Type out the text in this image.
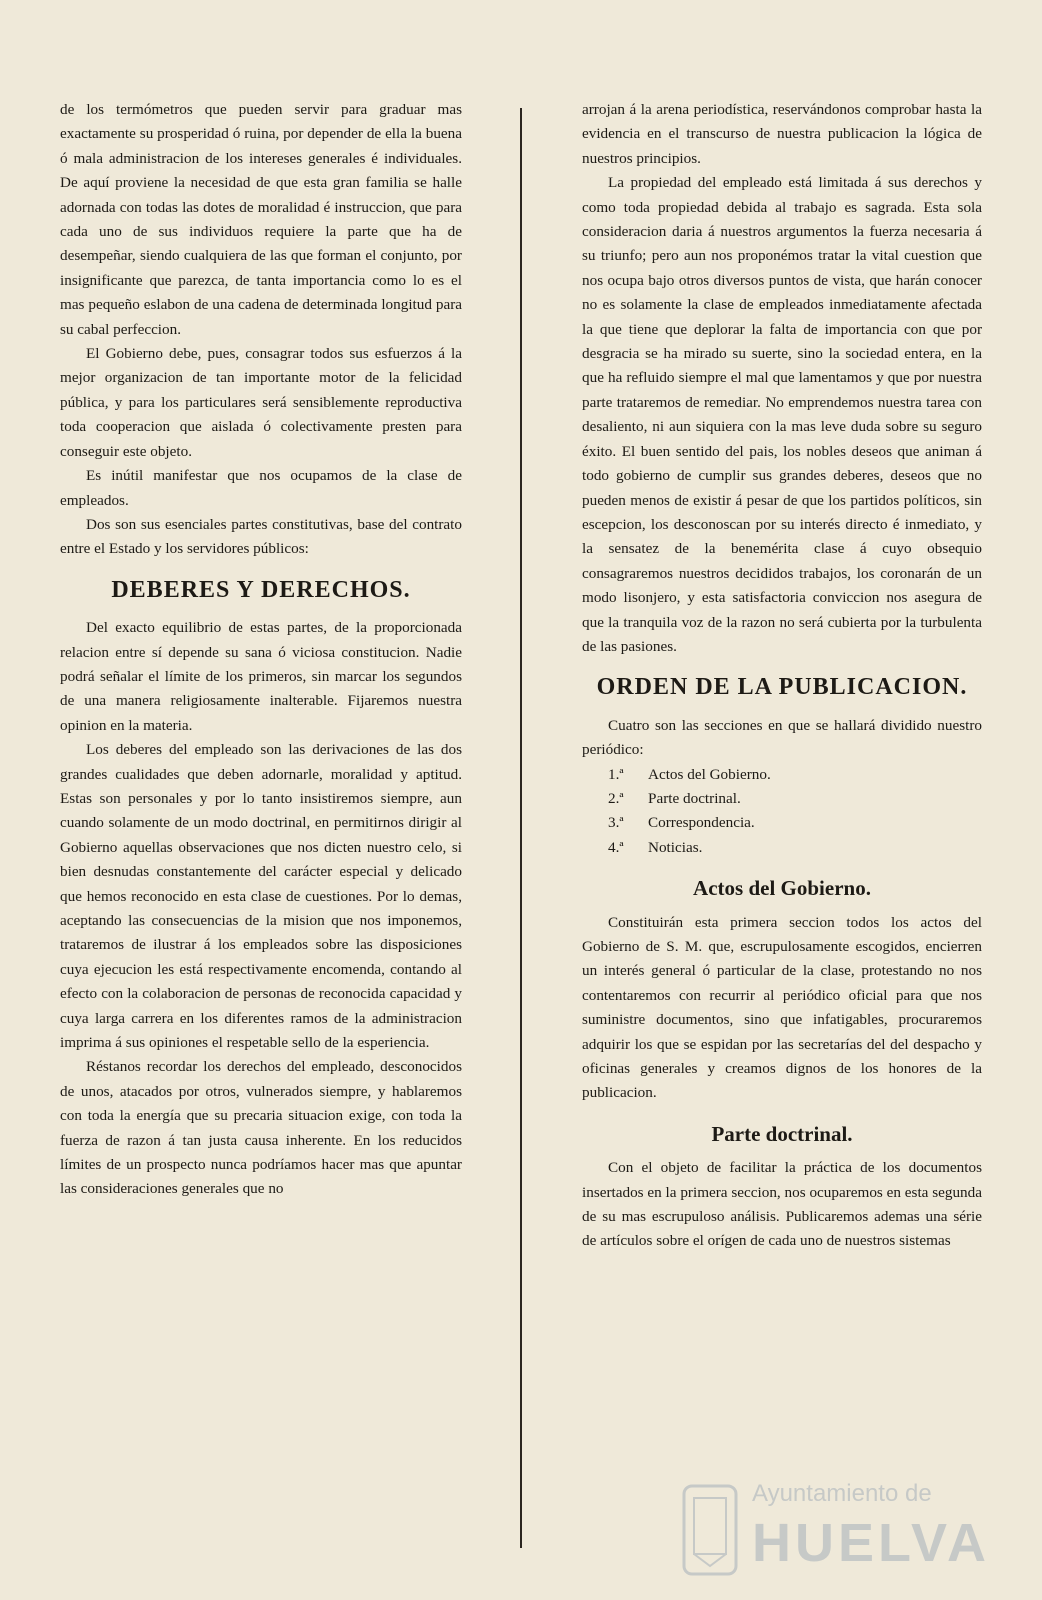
de los termómetros que pueden servir para graduar mas exactamente su prosperidad ó ruina, por depender de ella la buena ó mala administracion de los intereses generales é individuales. De aquí proviene la necesidad de que esta gran familia se halle adornada con todas las dotes de moralidad é instruccion, que para cada uno de sus individuos requiere la parte que ha de desempeñar, siendo cualquiera de las que forman el conjunto, por insignificante que parezca, de tanta importancia como lo es el mas pequeño eslabon de una cadena de determinada longitud para su cabal perfeccion.

El Gobierno debe, pues, consagrar todos sus esfuerzos á la mejor organizacion de tan importante motor de la felicidad pública, y para los particulares será sensiblemente reproductiva toda cooperacion que aislada ó colectivamente presten para conseguir este objeto.

Es inútil manifestar que nos ocupamos de la clase de empleados.

Dos son sus esenciales partes constitutivas, base del contrato entre el Estado y los servidores públicos:

DEBERES Y DERECHOS.

Del exacto equilibrio de estas partes, de la proporcionada relacion entre sí depende su sana ó viciosa constitucion. Nadie podrá señalar el límite de los primeros, sin marcar los segundos de una manera religiosamente inalterable. Fijaremos nuestra opinion en la materia.

Los deberes del empleado son las derivaciones de las dos grandes cualidades que deben adornarle, moralidad y aptitud. Estas son personales y por lo tanto insistiremos siempre, aun cuando solamente de un modo doctrinal, en permitirnos dirigir al Gobierno aquellas observaciones que nos dicten nuestro celo, si bien desnudas constantemente del carácter especial y delicado que hemos reconocido en esta clase de cuestiones. Por lo demas, aceptando las consecuencias de la mision que nos imponemos, trataremos de ilustrar á los empleados sobre las disposiciones cuya ejecucion les está respectivamente encomenda, contando al efecto con la colaboracion de personas de reconocida capacidad y cuya larga carrera en los diferentes ramos de la administracion imprima á sus opiniones el respetable sello de la esperiencia.

Réstanos recordar los derechos del empleado, desconocidos de unos, atacados por otros, vulnerados siempre, y hablaremos con toda la energía que su precaria situacion exige, con toda la fuerza de razon á tan justa causa inherente. En los reducidos límites de un prospecto nunca podríamos hacer mas que apuntar las consideraciones generales que no

arrojan á la arena periodística, reservándonos comprobar hasta la evidencia en el transcurso de nuestra publicacion la lógica de nuestros principios.

La propiedad del empleado está limitada á sus derechos y como toda propiedad debida al trabajo es sagrada. Esta sola consideracion daria á nuestros argumentos la fuerza necesaria á su triunfo; pero aun nos proponémos tratar la vital cuestion que nos ocupa bajo otros diversos puntos de vista, que harán conocer no es solamente la clase de empleados inmediatamente afectada la que tiene que deplorar la falta de importancia con que por desgracia se ha mirado su suerte, sino la sociedad entera, en la que ha refluido siempre el mal que lamentamos y que por nuestra parte trataremos de remediar. No emprendemos nuestra tarea con desaliento, ni aun siquiera con la mas leve duda sobre su seguro éxito. El buen sentido del pais, los nobles deseos que animan á todo gobierno de cumplir sus grandes deberes, deseos que no pueden menos de existir á pesar de que los partidos políticos, sin escepcion, los desconoscan por su interés directo é inmediato, y la sensatez de la benemérita clase á cuyo obsequio consagraremos nuestros decididos trabajos, los coronarán de un modo lisonjero, y esta satisfactoria conviccion nos asegura de que la tranquila voz de la razon no será cubierta por la turbulenta de las pasiones.

ORDEN DE LA PUBLICACION.

Cuatro son las secciones en que se hallará dividido nuestro periódico:

1.ª Actos del Gobierno.
2.ª Parte doctrinal.
3.ª Correspondencia.
4.ª Noticias.
Actos del Gobierno.

Constituirán esta primera seccion todos los actos del Gobierno de S. M. que, escrupulosamente escogidos, encierren un interés general ó particular de la clase, protestando no nos contentaremos con recurrir al periódico oficial para que nos suministre documentos, sino que infatigables, procuraremos adquirir los que se espidan por las secretarías del del despacho y oficinas generales y creamos dignos de los honores de la publicacion.

Parte doctrinal.

Con el objeto de facilitar la práctica de los documentos insertados en la primera seccion, nos ocuparemos en esta segunda de su mas escrupuloso análisis. Publicaremos ademas una série de artículos sobre el orígen de cada uno de nuestros sistemas

Ayuntamiento de
HUELVA
